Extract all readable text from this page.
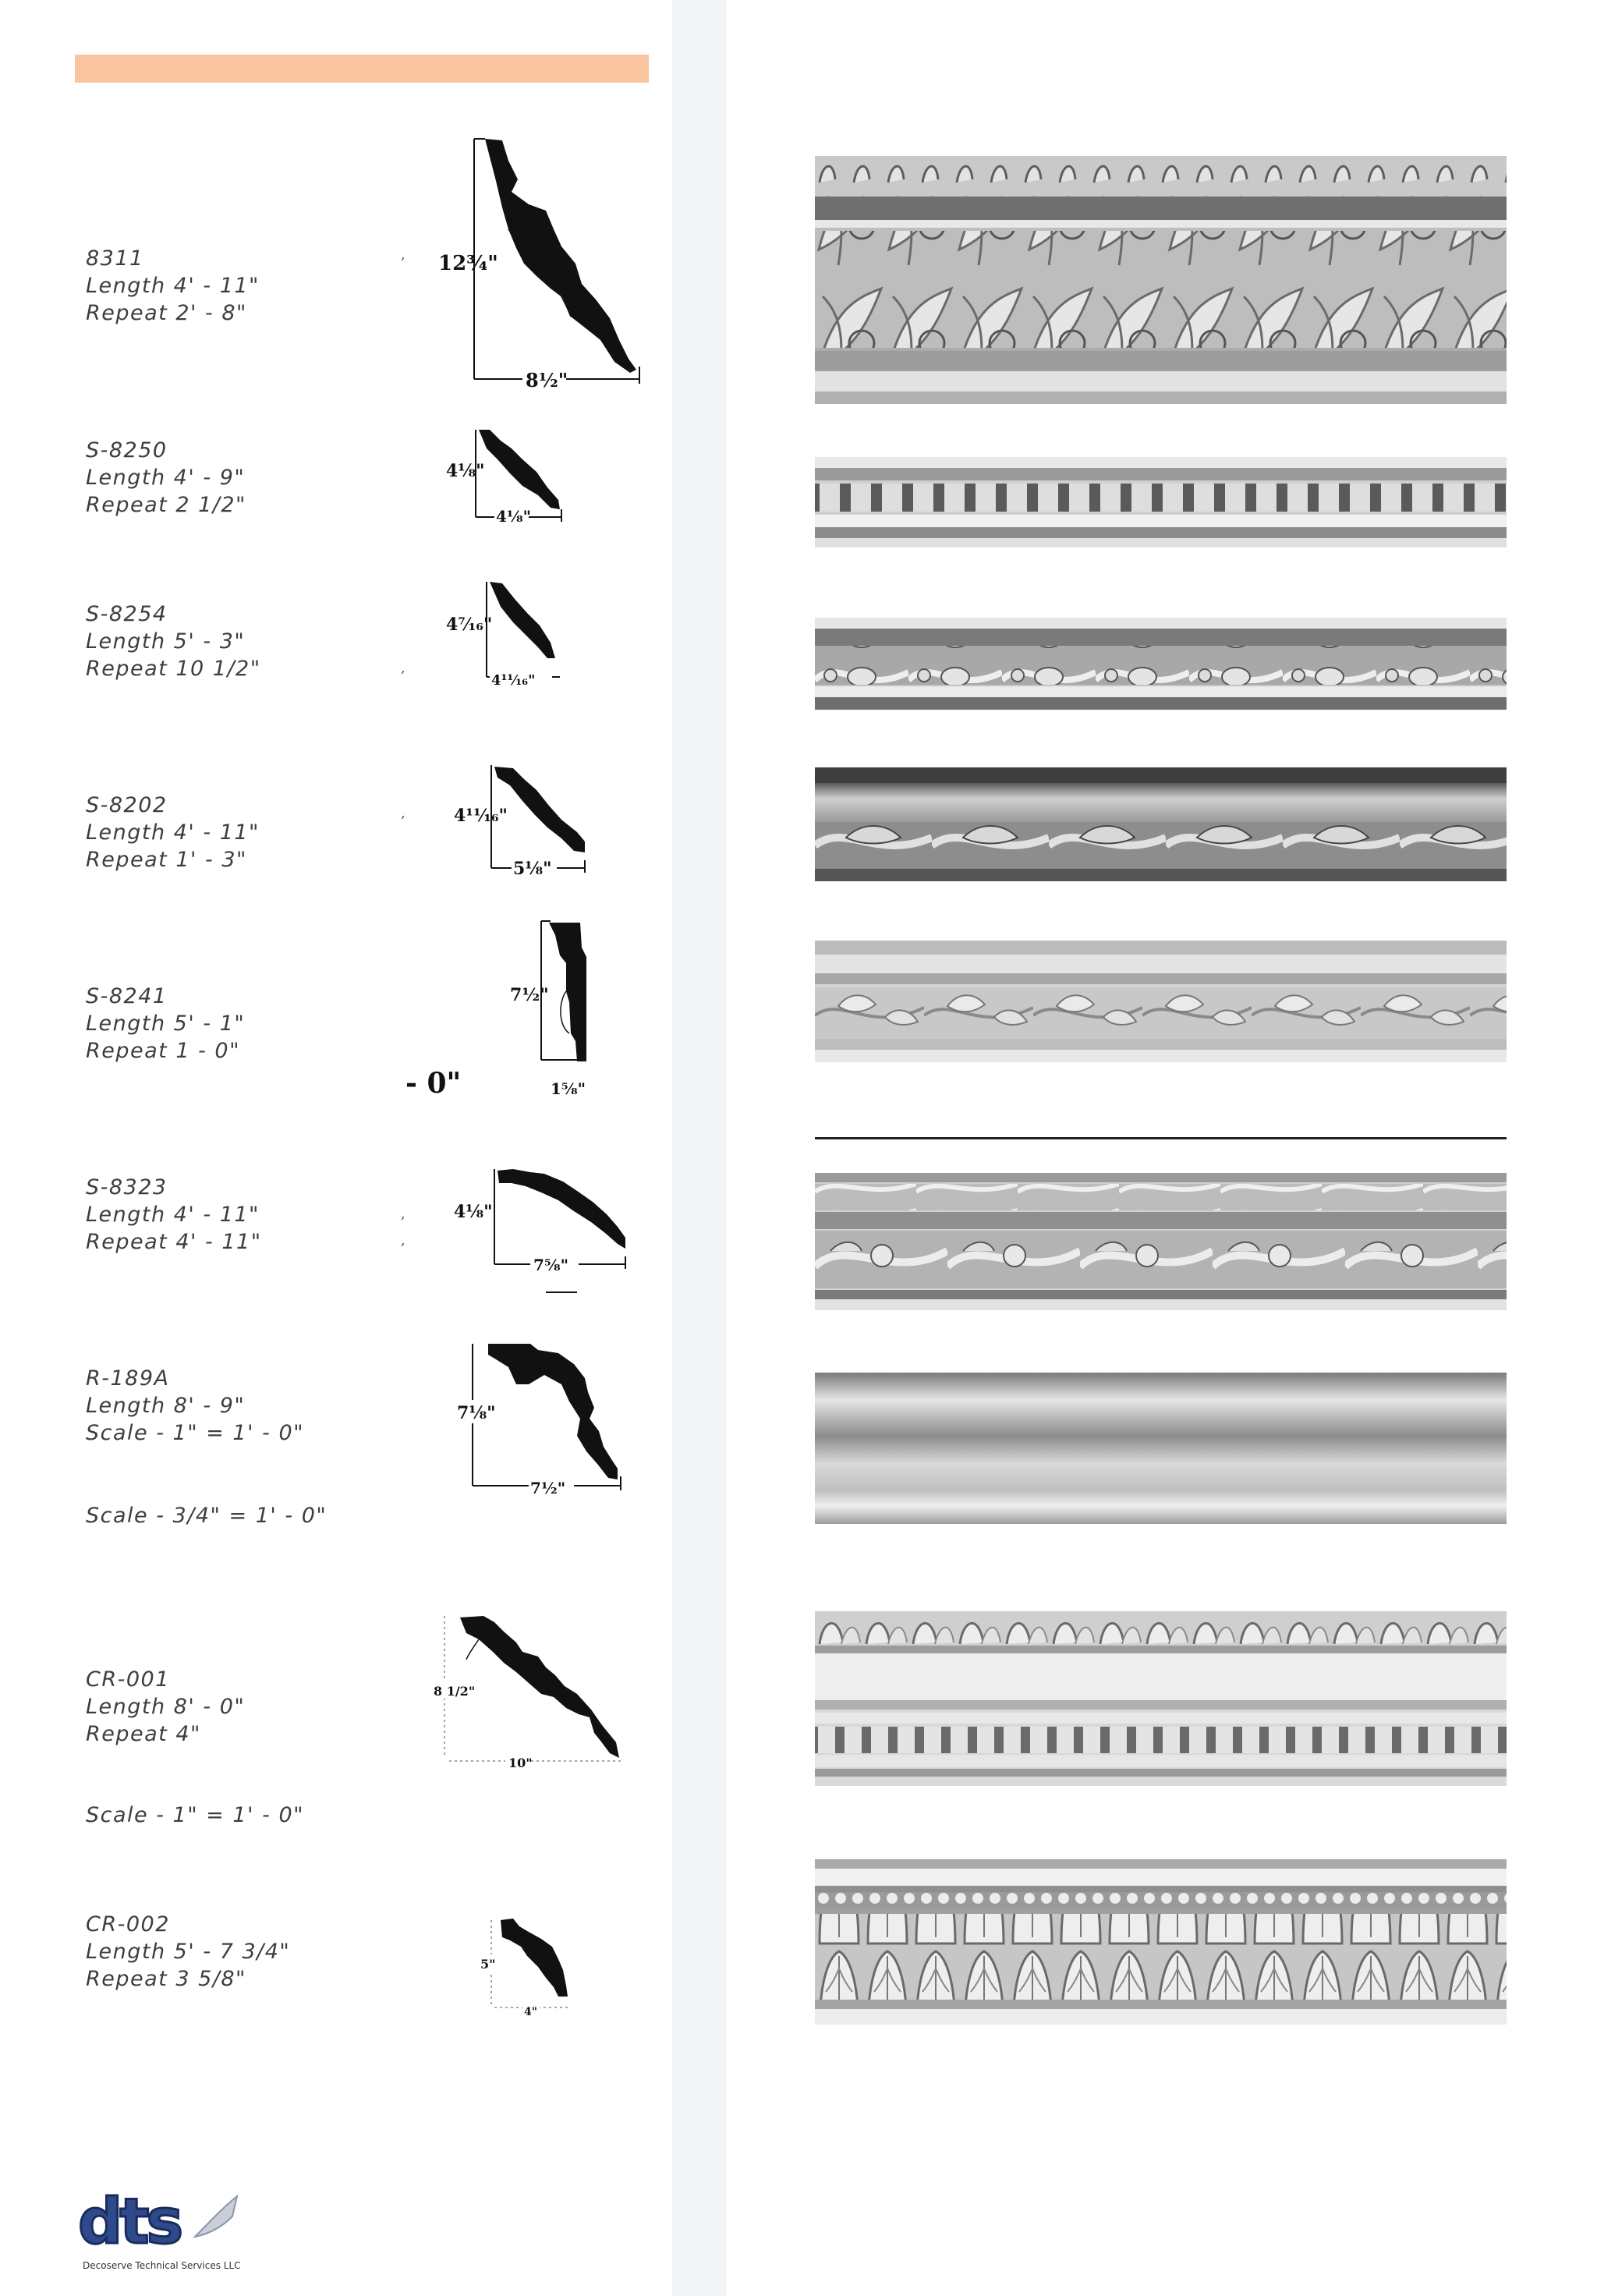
8311
Length 4' - 11"
Repeat 2' - 8"
S-8250
Length 4' - 9"
Repeat 2 1/2"
S-8254
Length 5' - 3"
Repeat 10 1/2"
S-8202
Length 4' - 11"
Repeat 1' - 3"
S-8241
Length 5' - 1"
Repeat 1 - 0"
S-8323
Length 4' - 11"
Repeat 4' - 11"
R-189A
Length 8' - 9"
Scale - 1" = 1' - 0"
Scale - 3/4" = 1' - 0"
CR-001
Length 8' - 0"
Repeat 4"
Scale - 1" = 1' - 0"
CR-002
Length 5' - 7 3/4"
Repeat 3 5/8"
- 0"
,
,
,
,
,
12¾"
8½"
4⅛"
4⅛"
4⁷⁄₁₆"
4¹¹⁄₁₆"
4¹¹⁄₁₆"
5⅛"
7½"
1⅝"
4⅛"
7⅝"
7⅛"
7½"
8 1/2"
10"
5"
4"
dts
Decoserve Technical Services LLC
